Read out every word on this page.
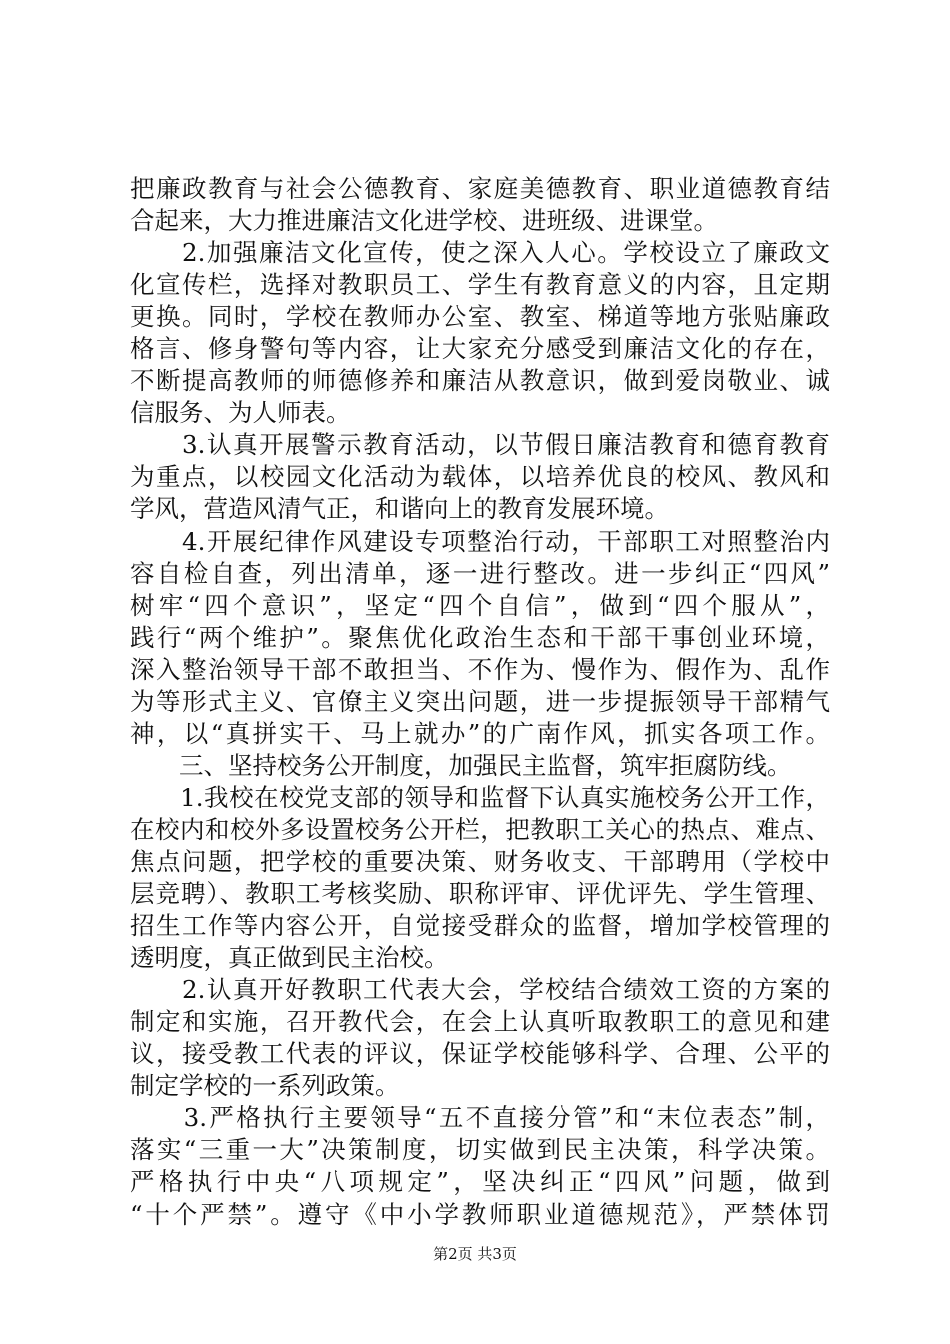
把廉政教育与社会公德教育、家庭美德教育、职业道德教育结
合起来，大力推进廉洁文化进学校、进班级、进课堂。
　　2.加强廉洁文化宣传，使之深入人心。学校设立了廉政文
化宣传栏，选择对教职员工、学生有教育意义的内容，且定期
更换。同时，学校在教师办公室、教室、梯道等地方张贴廉政
格言、修身警句等内容，让大家充分感受到廉洁文化的存在，
不断提高教师的师德修养和廉洁从教意识，做到爱岗敬业、诚
信服务、为人师表。
　　3.认真开展警示教育活动，以节假日廉洁教育和德育教育
为重点，以校园文化活动为载体，以培养优良的校风、教风和
学风，营造风清气正，和谐向上的教育发展环境。
　　4.开展纪律作风建设专项整治行动，干部职工对照整治内
容自检自查，列出清单，逐一进行整改。进一步纠正“四风”
树牢“四个意识”，坚定“四个自信”，做到“四个服从”，
践行“两个维护”。聚焦优化政治生态和干部干事创业环境，
深入整治领导干部不敢担当、不作为、慢作为、假作为、乱作
为等形式主义、官僚主义突出问题，进一步提振领导干部精气
神，以“真拼实干、马上就办”的广南作风，抓实各项工作。
　　三、坚持校务公开制度，加强民主监督，筑牢拒腐防线。
　　1.我校在校党支部的领导和监督下认真实施校务公开工作，
在校内和校外多设置校务公开栏，把教职工关心的热点、难点、
焦点问题，把学校的重要决策、财务收支、干部聘用（学校中
层竞聘）、教职工考核奖励、职称评审、评优评先、学生管理、
招生工作等内容公开，自觉接受群众的监督，增加学校管理的
透明度，真正做到民主治校。
　　2.认真开好教职工代表大会，学校结合绩效工资的方案的
制定和实施，召开教代会，在会上认真听取教职工的意见和建
议，接受教工代表的评议，保证学校能够科学、合理、公平的
制定学校的一系列政策。
　　3.严格执行主要领导“五不直接分管”和“末位表态”制，
落实“三重一大”决策制度，切实做到民主决策，科学决策。
严格执行中央“八项规定”，坚决纠正“四风”问题，做到
“十个严禁”。遵守《中小学教师职业道德规范》，严禁体罚
第2页 共3页
